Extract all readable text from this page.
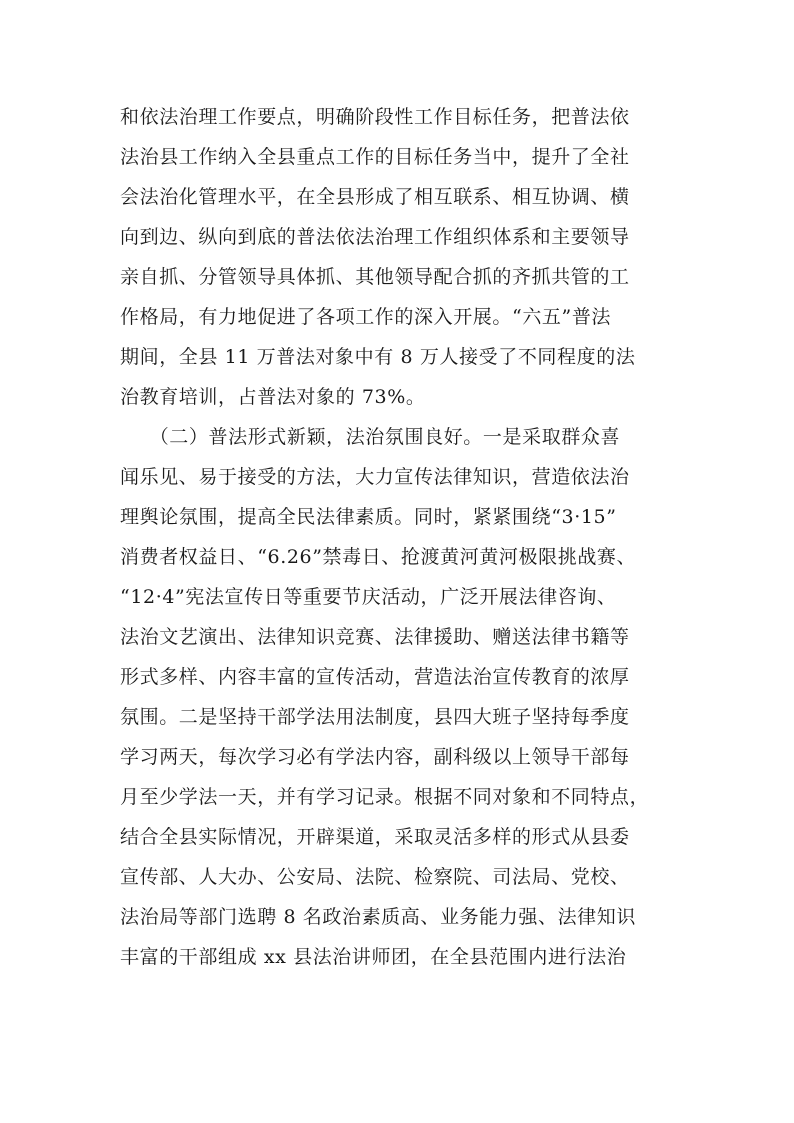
和依法治理工作要点，明确阶段性工作目标任务，把普法依
法治县工作纳入全县重点工作的目标任务当中，提升了全社
会法治化管理水平，在全县形成了相互联系、相互协调、横
向到边、纵向到底的普法依法治理工作组织体系和主要领导
亲自抓、分管领导具体抓、其他领导配合抓的齐抓共管的工
作格局，有力地促进了各项工作的深入开展。“六五”普法
期间，全县 11 万普法对象中有 8 万人接受了不同程度的法
治教育培训，占普法对象的 73%。
　　（二）普法形式新颖，法治氛围良好。一是采取群众喜
闻乐见、易于接受的方法，大力宣传法律知识，营造依法治
理舆论氛围，提高全民法律素质。同时，紧紧围绕“3·15”
消费者权益日、“6.26”禁毒日、抢渡黄河黄河极限挑战赛、
“12·4”宪法宣传日等重要节庆活动，广泛开展法律咨询、
法治文艺演出、法律知识竞赛、法律援助、赠送法律书籍等
形式多样、内容丰富的宣传活动，营造法治宣传教育的浓厚
氛围。二是坚持干部学法用法制度，县四大班子坚持每季度
学习两天，每次学习必有学法内容，副科级以上领导干部每
月至少学法一天，并有学习记录。根据不同对象和不同特点，
结合全县实际情况，开辟渠道，采取灵活多样的形式从县委
宣传部、人大办、公安局、法院、检察院、司法局、党校、
法治局等部门选聘 8 名政治素质高、业务能力强、法律知识
丰富的干部组成 xx 县法治讲师团，在全县范围内进行法治
